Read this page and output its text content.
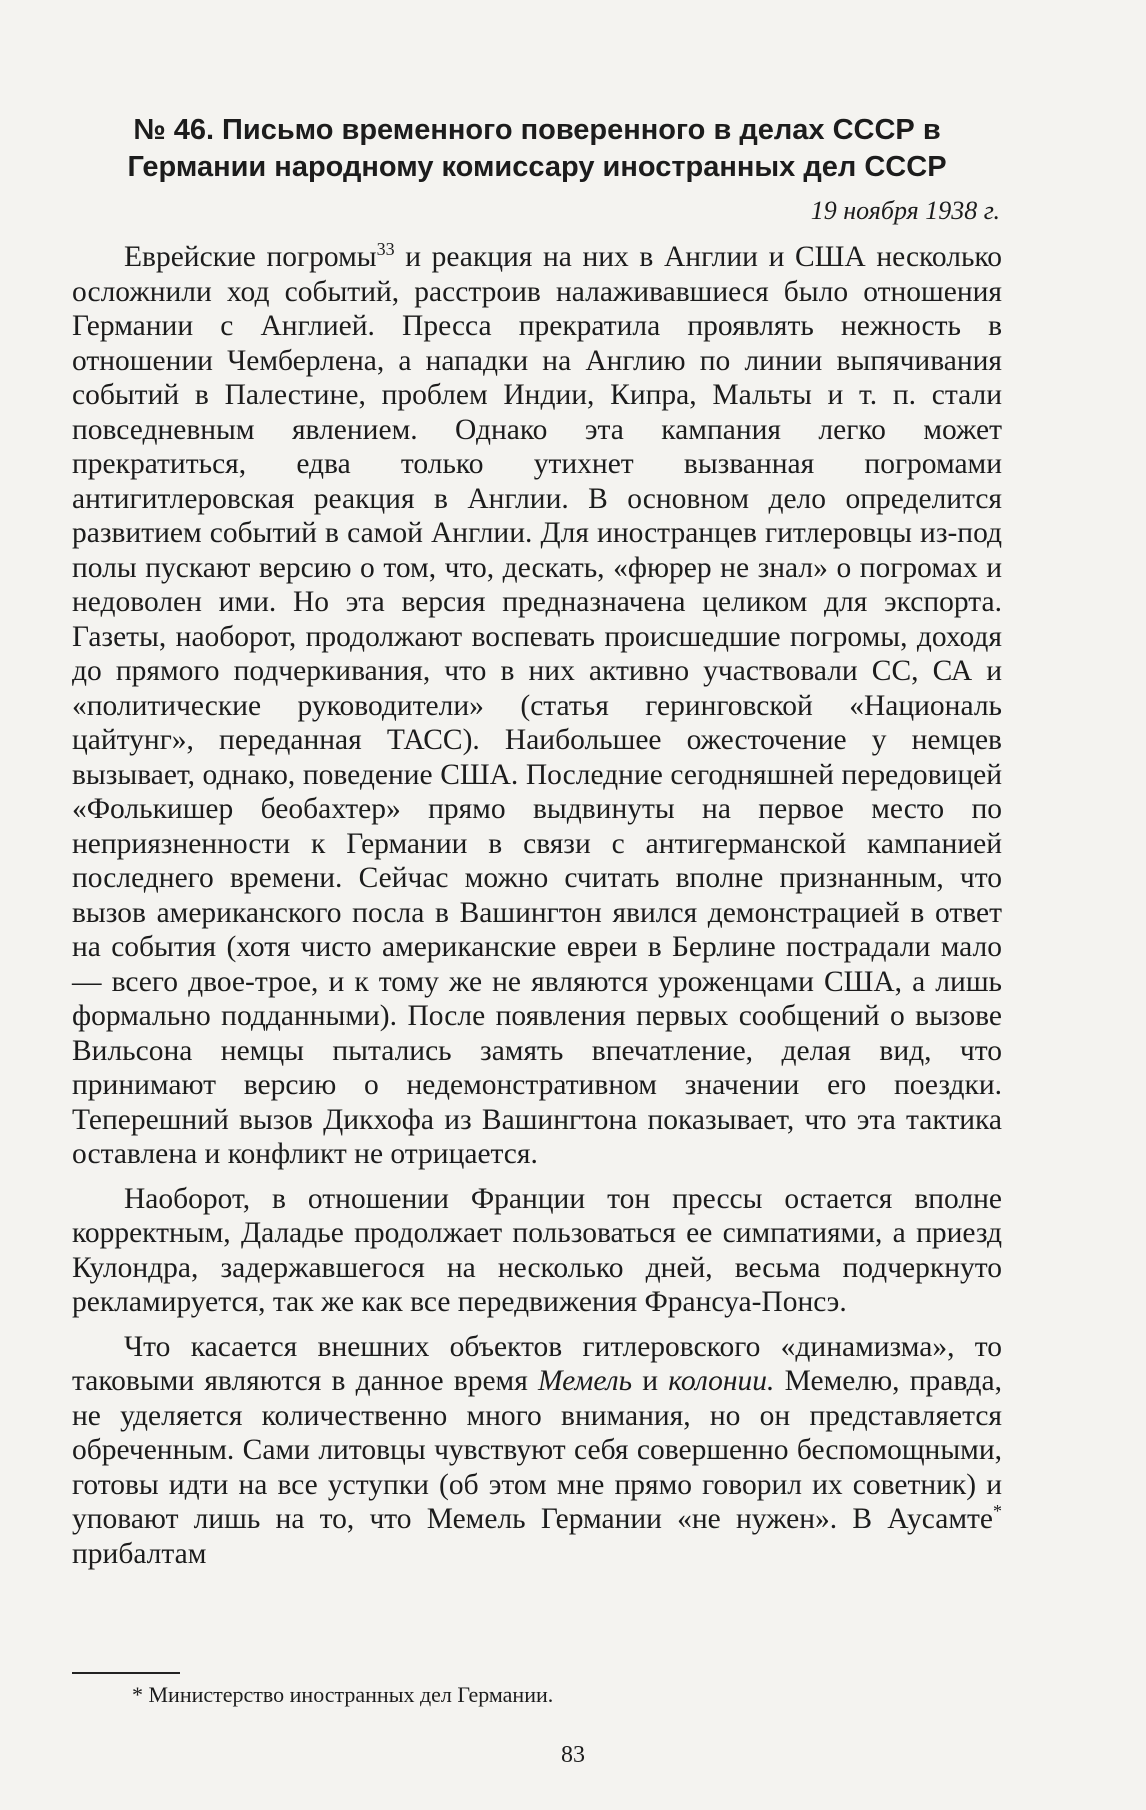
№ 46. Письмо временного поверенного в делах СССР в Германии народному комиссару иностранных дел СССР

19 ноября 1938 г.

Еврейские погромы$^{33}$ и реакция на них в Англии и США несколько осложнили ход событий, расстроив налаживавшиеся было отношения Германии с Англией. Пресса прекратила проявлять нежность в отношении Чемберлена, а нападки на Англию по линии выпячивания событий в Палестине, проблем Индии, Кипра, Мальты и т. п. стали повседневным явлением. Однако эта кампания легко может прекратиться, едва только утихнет вызванная погромами антигитлеровская реакция в Англии. В основном дело определится развитием событий в самой Англии. Для иностранцев гитлеровцы из-под полы пускают версию о том, что, дескать, «фюрер не знал» о погромах и недоволен ими. Но эта версия предназначена целиком для экспорта. Газеты, наоборот, продолжают воспевать происшедшие погромы, доходя до прямого подчеркивания, что в них активно участвовали СС, СА и «политические руководители» (статья геринговской «Националь цайтунг», переданная ТАСС). Наибольшее ожесточение у немцев вызывает, однако, поведение США. Последние сегодняшней передовицей «Фолькишер беобахтер» прямо выдвинуты на первое место по неприязненности к Германии в связи с антигерманской кампанией последнего времени. Сейчас можно считать вполне признанным, что вызов американского посла в Вашингтон явился демонстрацией в ответ на события (хотя чисто американские евреи в Берлине пострадали мало — всего двое-трое, и к тому же не являются уроженцами США, а лишь формально подданными). После появления первых сообщений о вызове Вильсона немцы пытались замять впечатление, делая вид, что принимают версию о недемонстративном значении его поездки. Теперешний вызов Дикхофа из Вашингтона показывает, что эта тактика оставлена и конфликт не отрицается.

Наоборот, в отношении Франции тон прессы остается вполне корректным, Даладье продолжает пользоваться ее симпатиями, а приезд Кулондра, задержавшегося на несколько дней, весьма подчеркнуто рекламируется, так же как все передвижения Франсуа-Понсэ.

Что касается внешних объектов гитлеровского «динамизма», то таковыми являются в данное время Мемель и колонии. Мемелю, правда, не уделяется количественно много внимания, но он представляется обреченным. Сами литовцы чувствуют себя совершенно беспомощными, готовы идти на все уступки (об этом мне прямо говорил их советник) и уповают лишь на то, что Мемель Германии «не нужен». В Аусамте* прибалтам

* Министерство иностранных дел Германии.

83
